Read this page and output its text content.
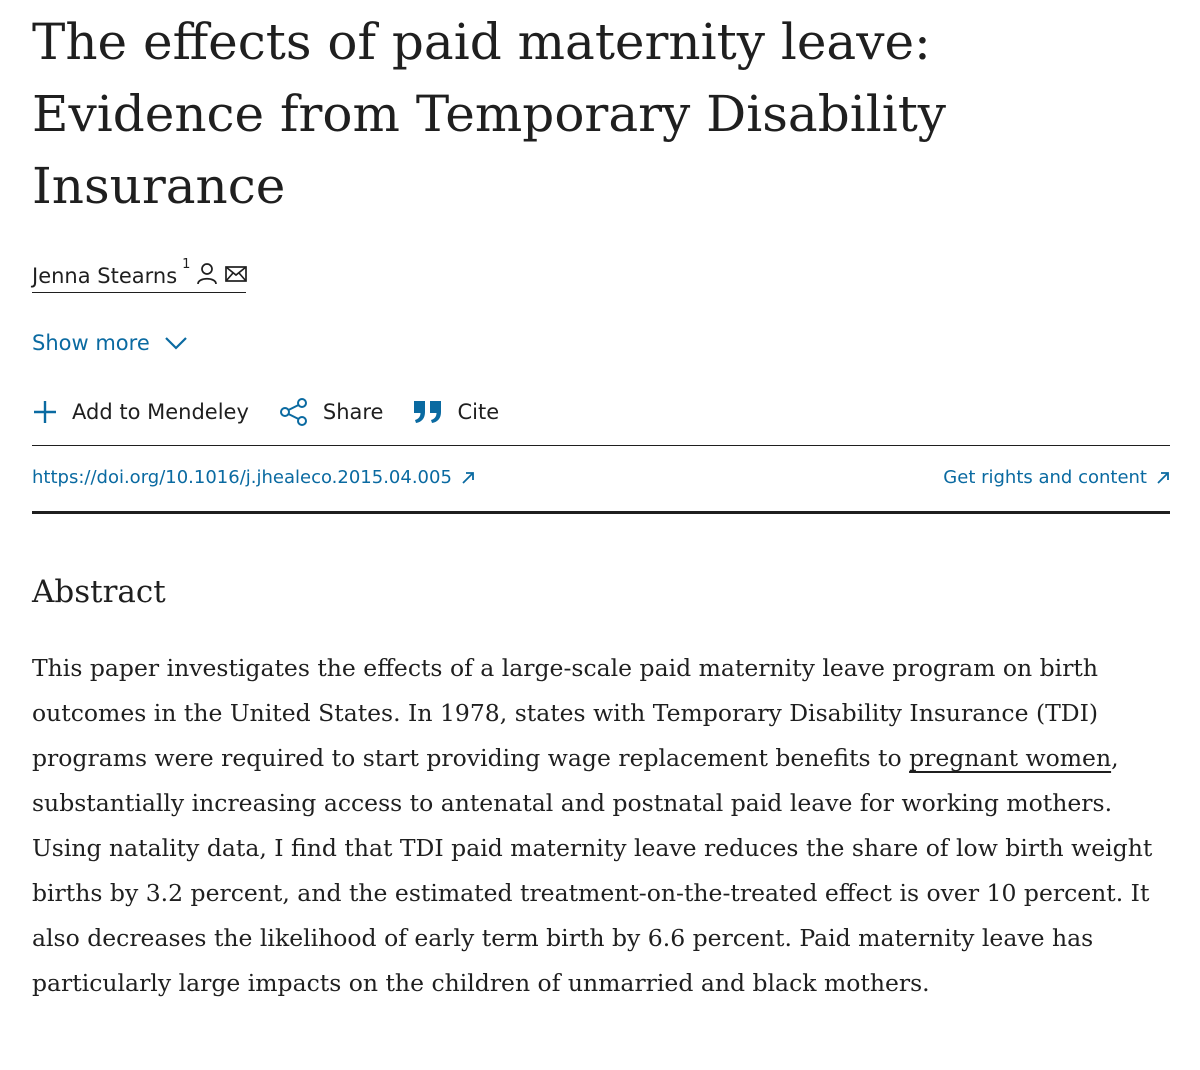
The effects of paid maternity leave: Evidence from Temporary Disability Insurance
Jenna Stearns $^1$
Show more
Add to Mendeley	Share	Cite
https://doi.org/10.1016/j.jhealeco.2015.04.005	Get rights and content
Abstract

This paper investigates the effects of a large-scale paid maternity leave program on birth outcomes in the United States. In 1978, states with Temporary Disability Insurance (TDI) programs were required to start providing wage replacement benefits to pregnant women, substantially increasing access to antenatal and postnatal paid leave for working mothers. Using natality data, I find that TDI paid maternity leave reduces the share of low birth weight births by 3.2 percent, and the estimated treatment-on-the-treated effect is over 10 percent. It also decreases the likelihood of early term birth by 6.6 percent. Paid maternity leave has particularly large impacts on the children of unmarried and black mothers.
